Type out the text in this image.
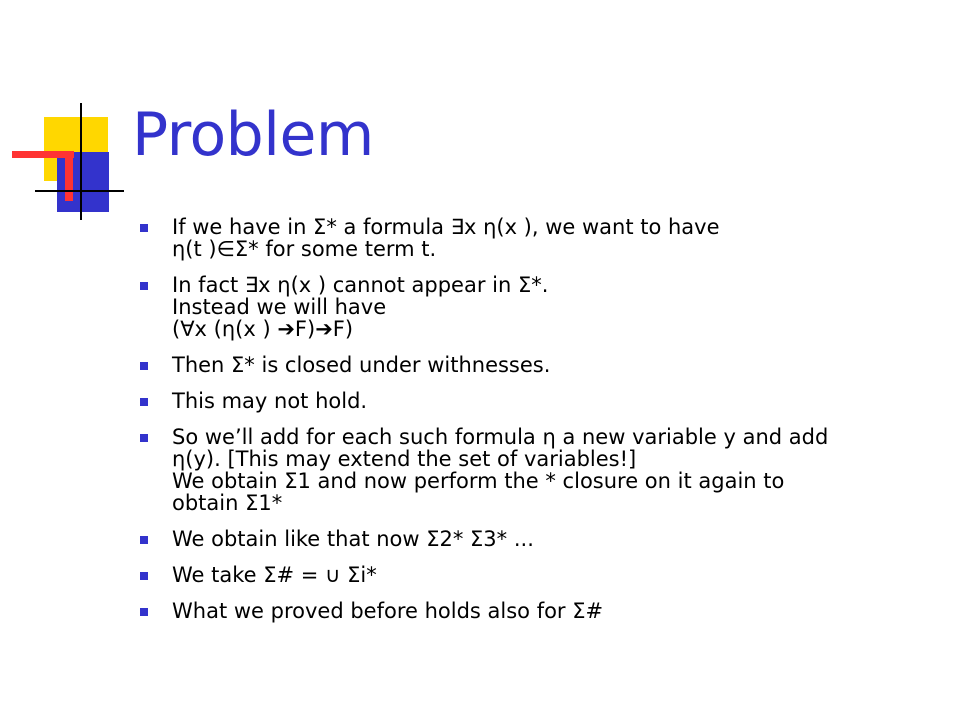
Problem
If we have in Σ* a formula ∃x η(x ), we want to have
η(t )∈Σ* for some term t.
In fact ∃x η(x ) cannot appear in Σ*.
Instead we will have
(∀x (η(x ) ➔F)➔F)
Then Σ* is closed under withnesses.
This may not hold.
So we’ll add for each such formula η a new variable y and add
η(y). [This may extend the set of variables!]
We obtain Σ1 and now perform the * closure on it again to
obtain Σ1*
We obtain like that now Σ2* Σ3* ...
We take Σ# = ∪ Σi*
What we proved before holds also for Σ#
